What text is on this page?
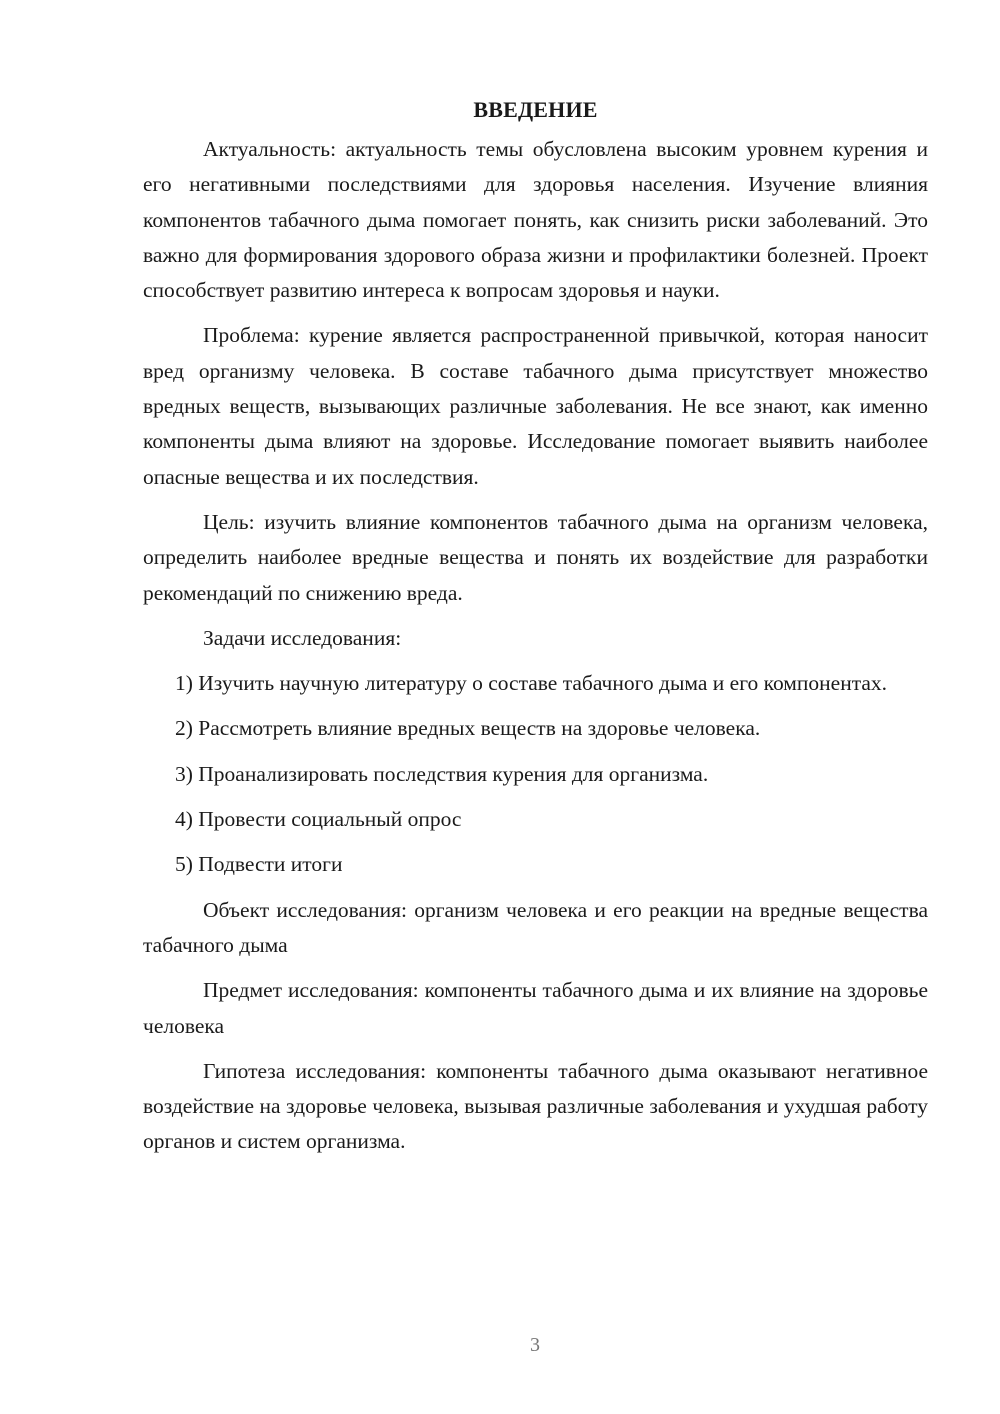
ВВЕДЕНИЕ

Актуальность: актуальность темы обусловлена высоким уровнем курения и его негативными последствиями для здоровья населения. Изучение влияния компонентов табачного дыма помогает понять, как снизить риски заболеваний. Это важно для формирования здорового образа жизни и профилактики болезней. Проект способствует развитию интереса к вопросам здоровья и науки.

Проблема: курение является распространенной привычкой, которая наносит вред организму человека. В составе табачного дыма присутствует множество вредных веществ, вызывающих различные заболевания. Не все знают, как именно компоненты дыма влияют на здоровье. Исследование помогает выявить наиболее опасные вещества и их последствия.

Цель: изучить влияние компонентов табачного дыма на организм человека, определить наиболее вредные вещества и понять их воздействие для разработки рекомендаций по снижению вреда.

Задачи исследования:

1) Изучить научную литературу о составе табачного дыма и его компонентах.

2) Рассмотреть влияние вредных веществ на здоровье человека.

3) Проанализировать последствия курения для организма.

4) Провести социальный опрос

5) Подвести итоги

Объект исследования: организм человека и его реакции на вредные вещества табачного дыма

Предмет исследования: компоненты табачного дыма и их влияние на здоровье человека

Гипотеза исследования: компоненты табачного дыма оказывают негативное воздействие на здоровье человека, вызывая различные заболевания и ухудшая работу органов и систем организма.

3
